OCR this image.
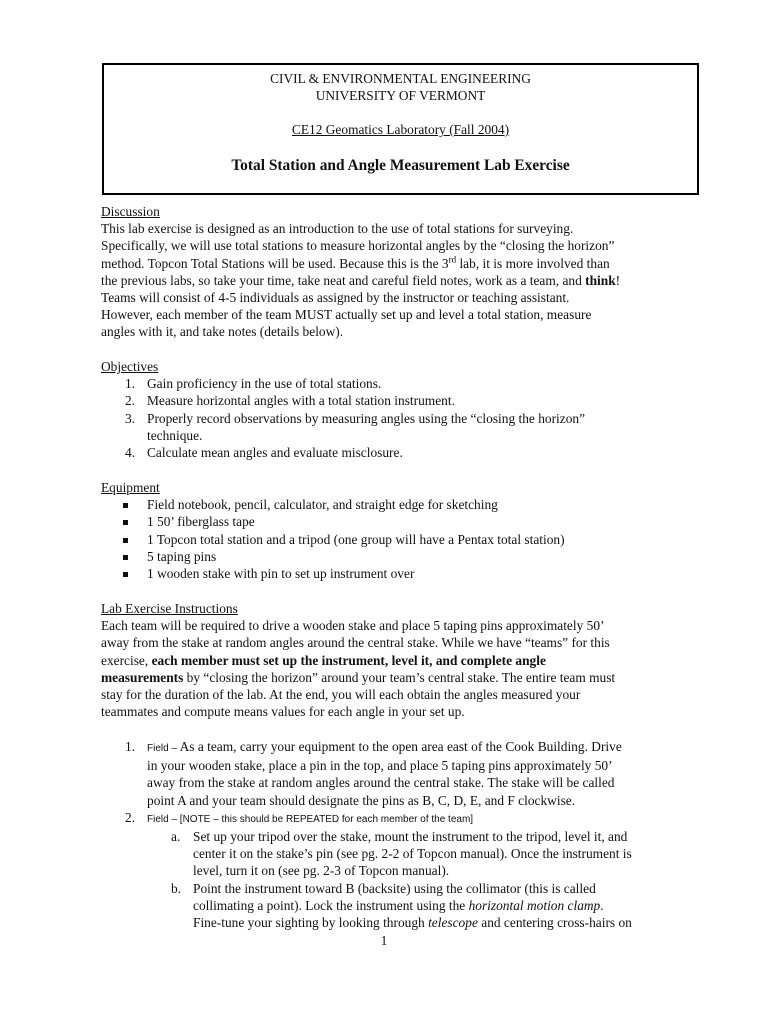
CIVIL & ENVIRONMENTAL ENGINEERING
UNIVERSITY OF VERMONT
CE12 Geomatics Laboratory (Fall 2004)
Total Station and Angle Measurement Lab Exercise
Discussion
This lab exercise is designed as an introduction to the use of total stations for surveying.
Specifically, we will use total stations to measure horizontal angles by the “closing the horizon”
method. Topcon Total Stations will be used. Because this is the 3rd lab, it is more involved than
the previous labs, so take your time, take neat and careful field notes, work as a team, and think!
Teams will consist of 4-5 individuals as assigned by the instructor or teaching assistant.
However, each member of the team MUST actually set up and level a total station, measure
angles with it, and take notes (details below).
Objectives
1. Gain proficiency in the use of total stations.
2. Measure horizontal angles with a total station instrument.
3. Properly record observations by measuring angles using the “closing the horizon”
technique.
4. Calculate mean angles and evaluate misclosure.
Equipment
Field notebook, pencil, calculator, and straight edge for sketching
1 50’ fiberglass tape
1 Topcon total station and a tripod (one group will have a Pentax total station)
5 taping pins
1 wooden stake with pin to set up instrument over
Lab Exercise Instructions
Each team will be required to drive a wooden stake and place 5 taping pins approximately 50’
away from the stake at random angles around the central stake. While we have “teams” for this
exercise, each member must set up the instrument, level it, and complete angle
measurements by “closing the horizon” around your team’s central stake. The entire team must
stay for the duration of the lab. At the end, you will each obtain the angles measured your
teammates and compute means values for each angle in your set up.
1. Field – As a team, carry your equipment to the open area east of the Cook Building. Drive
in your wooden stake, place a pin in the top, and place 5 taping pins approximately 50’
away from the stake at random angles around the central stake. The stake will be called
point A and your team should designate the pins as B, C, D, E, and F clockwise.
2. Field – [NOTE – this should be REPEATED for each member of the team]
a. Set up your tripod over the stake, mount the instrument to the tripod, level it, and
center it on the stake’s pin (see pg. 2-2 of Topcon manual). Once the instrument is
level, turn it on (see pg. 2-3 of Topcon manual).
b. Point the instrument toward B (backsite) using the collimator (this is called
collimating a point). Lock the instrument using the horizontal motion clamp.
Fine-tune your sighting by looking through telescope and centering cross-hairs on
1
